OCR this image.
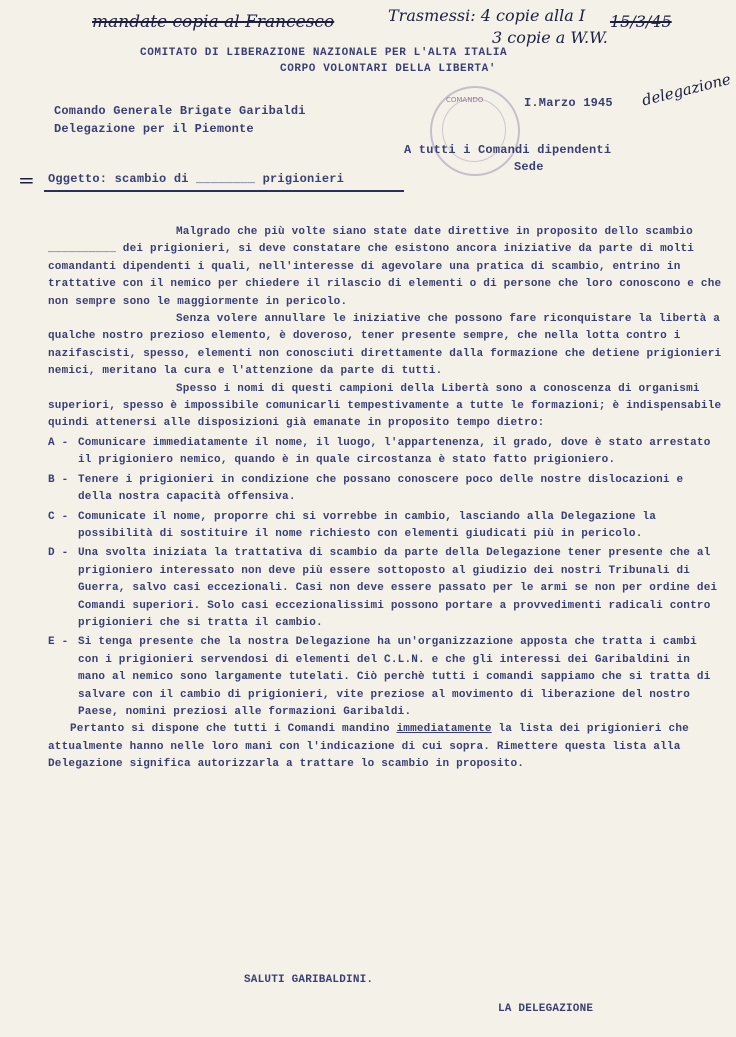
mandate copia al Francesco	Trasmessi: 4 copie alla I
3 copie a W.W.
15/3/45
delegazione
COMITATO DI LIBERAZIONE NAZIONALE PER L'ALTA ITALIA
CORPO VOLONTARI DELLA LIBERTA'
COMANDO
Comando Generale Brigate Garibaldi
Delegazione per il Piemonte
I.Marzo 1945
A tutti i Comandi dipendenti
Sede
= Oggetto: scambio di ________ prigionieri

Malgrado che più volte siano state date direttive in proposito dello scambio __________ dei prigionieri, si deve constatare che esistono ancora iniziative da parte di molti comandanti dipendenti i quali, nell'interesse di agevolare una pratica di scambio, entrino in trattative con il nemico per chiedere il rilascio di elementi o di persone che loro conoscono e che non sempre sono le maggiormente in pericolo.

Senza volere annullare le iniziative che possono fare riconquistare la libertà a qualche nostro prezioso elemento, è doveroso, tener presente sempre, che nella lotta contro i nazifascisti, spesso, elementi non conosciuti direttamente dalla formazione che detiene prigionieri nemici, meritano la cura e l'attenzione da parte di tutti.

Spesso i nomi di questi campioni della Libertà sono a conoscenza di organismi superiori, spesso è impossibile comunicarli tempestivamente a tutte le formazioni; è indispensabile quindi attenersi alle disposizioni già emanate in proposito tempo dietro:

A - Comunicare immediatamente il nome, il luogo, l'appartenenza, il grado, dove è stato arrestato il prigioniero nemico, quando è in quale circostanza è stato fatto prigioniero.
B - Tenere i prigionieri in condizione che possano conoscere poco delle nostre dislocazioni e della nostra capacità offensiva.
C - Comunicate il nome, proporre chi si vorrebbe in cambio, lasciando alla Delegazione la possibilità di sostituire il nome richiesto con elementi giudicati più in pericolo.
D - Una svolta iniziata la trattativa di scambio da parte della Delegazione tener presente che al prigioniero interessato non deve più essere sottoposto al giudizio dei nostri Tribunali di Guerra, salvo casi eccezionali. Casi non deve essere passato per le armi se non per ordine dei Comandi superiori. Solo casi eccezionalissimi possono portare a provvedimenti radicali contro prigionieri che si tratta il cambio.
E - Si tenga presente che la nostra Delegazione ha un'organizzazione apposta che tratta i cambi con i prigionieri servendosi di elementi del C.L.N. e che gli interessi dei Garibaldini in mano al nemico sono largamente tutelati. Ciò perchè tutti i comandi sappiamo che si tratta di salvare con il cambio di prigionieri, vite preziose al movimento di liberazione del nostro Paese, nomini preziosi alle formazioni Garibaldi.

Pertanto si dispone che tutti i Comandi mandino immediatamente la lista dei prigionieri che attualmente hanno nelle loro mani con l'indicazione di cui sopra. Rimettere questa lista alla Delegazione significa autorizzarla a trattare lo scambio in proposito.

SALUTI GARIBALDINI.
LA DELEGAZIONE
